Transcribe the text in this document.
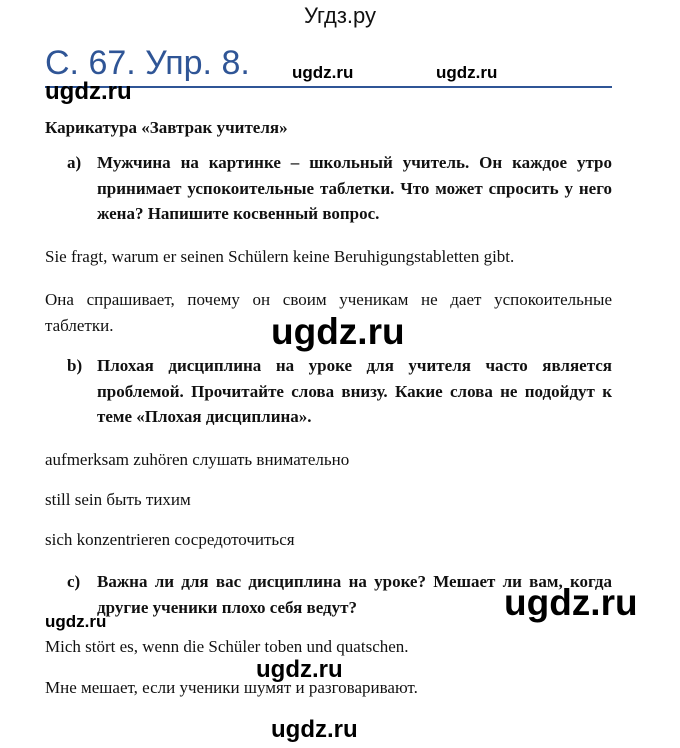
Угдз.ру
С. 67. Упр. 8. ugdz.ru	ugdz.ru
ugdz.ru
Карикатура «Завтрак учителя»
a) Мужчина на картинке – школьный учитель. Он каждое утро принимает успокоительные таблетки. Что может спросить у него жена? Напишите косвенный вопрос.
Sie fragt, warum er seinen Schülern keine Beruhigungstabletten gibt.
Она спрашивает, почему он своим ученикам не дает успокоительные таблетки.	ugdz.ru
b) Плохая дисциплина на уроке для учителя часто является проблемой. Прочитайте слова внизу. Какие слова не подойдут к теме «Плохая дисциплина».
aufmerksam zuhören слушать внимательно
still sein быть тихим
sich konzentrieren сосредоточиться
c) Важна ли для вас дисциплина на уроке? Мешает ли вам, когда другие ученики плохо себя ведут?	ugdz.ru
ugdz.ru
Mich stört es, wenn die Schüler toben und quatschen.
ugdz.ru
Мне мешает, если ученики шумят и разговаривают.
ugdz.ru
